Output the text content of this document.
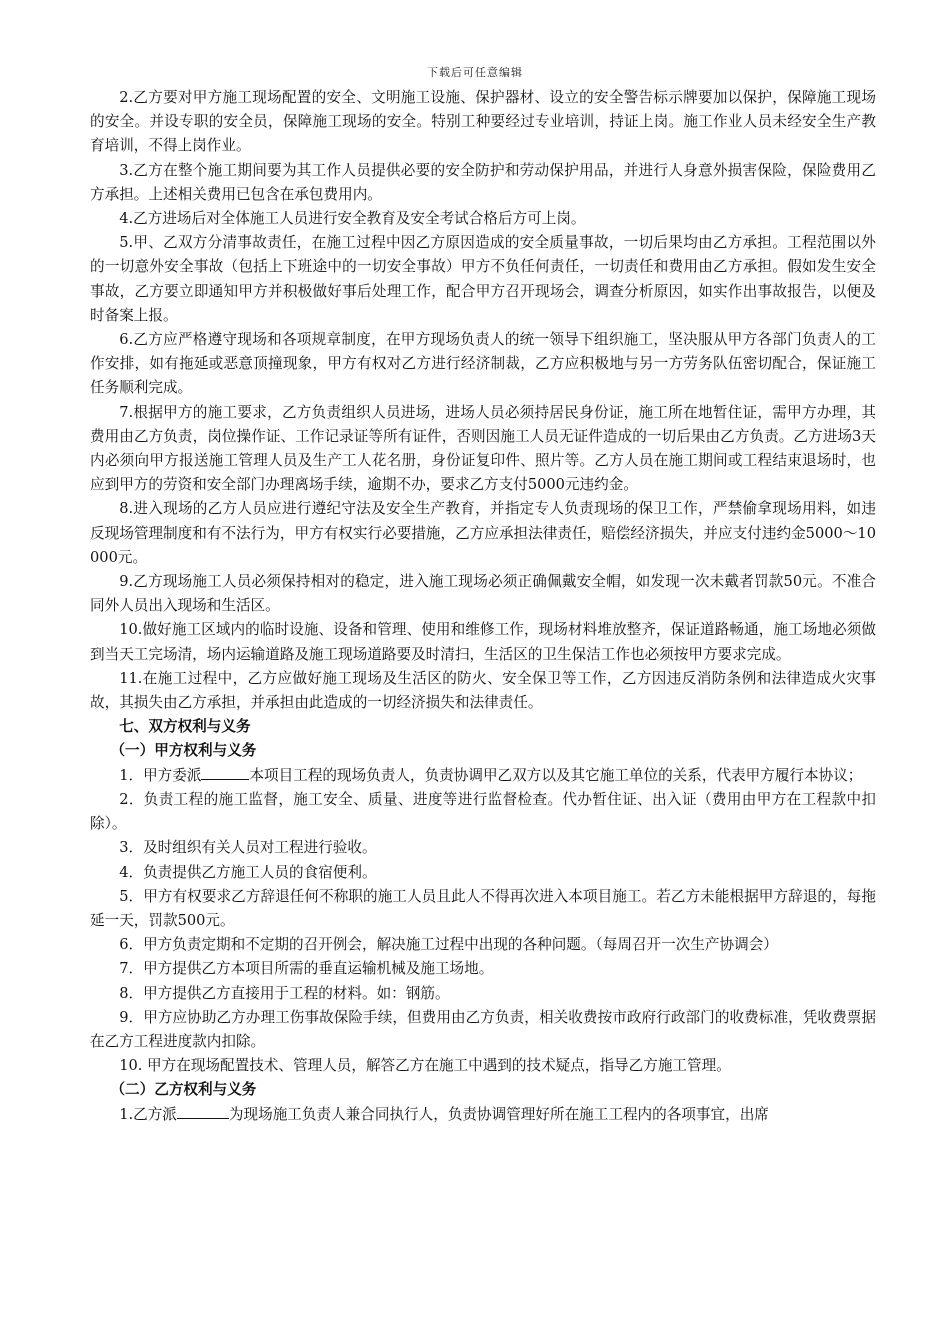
下载后可任意编辑

2.乙方要对甲方施工现场配置的安全、文明施工设施、保护器材、设立的安全警告标示牌要加以保护，保障施工现场的安全。并设专职的安全员，保障施工现场的安全。特别工种要经过专业培训，持证上岗。施工作业人员未经安全生产教育培训，不得上岗作业。

3.乙方在整个施工期间要为其工作人员提供必要的安全防护和劳动保护用品，并进行人身意外损害保险，保险费用乙方承担。上述相关费用已包含在承包费用内。

4.乙方进场后对全体施工人员进行安全教育及安全考试合格后方可上岗。

5.甲、乙双方分清事故责任，在施工过程中因乙方原因造成的安全质量事故，一切后果均由乙方承担。工程范围以外的一切意外安全事故（包括上下班途中的一切安全事故）甲方不负任何责任，一切责任和费用由乙方承担。假如发生安全事故，乙方要立即通知甲方并积极做好事后处理工作，配合甲方召开现场会，调查分析原因，如实作出事故报告，以便及时备案上报。

6.乙方应严格遵守现场和各项规章制度，在甲方现场负责人的统一领导下组织施工，坚决服从甲方各部门负责人的工作安排，如有拖延或恶意顶撞现象，甲方有权对乙方进行经济制裁，乙方应积极地与另一方劳务队伍密切配合，保证施工任务顺利完成。

7.根据甲方的施工要求，乙方负责组织人员进场，进场人员必须持居民身份证，施工所在地暂住证，需甲方办理，其费用由乙方负责，岗位操作证、工作记录证等所有证件，否则因施工人员无证件造成的一切后果由乙方负责。乙方进场3天内必须向甲方报送施工管理人员及生产工人花名册，身份证复印件、照片等。乙方人员在施工期间或工程结束退场时，也应到甲方的劳资和安全部门办理离场手续，逾期不办，要求乙方支付5000元违约金。

8.进入现场的乙方人员应进行遵纪守法及安全生产教育，并指定专人负责现场的保卫工作，严禁偷拿现场用料，如违反现场管理制度和有不法行为，甲方有权实行必要措施，乙方应承担法律责任，赔偿经济损失，并应支付违约金5000～10000元。

9.乙方现场施工人员必须保持相对的稳定，进入施工现场必须正确佩戴安全帽，如发现一次未戴者罚款50元。不准合同外人员出入现场和生活区。

10.做好施工区域内的临时设施、设备和管理、使用和维修工作，现场材料堆放整齐，保证道路畅通，施工场地必须做到当天工完场清，场内运输道路及施工现场道路要及时清扫，生活区的卫生保洁工作也必须按甲方要求完成。

11.在施工过程中，乙方应做好施工现场及生活区的防火、安全保卫等工作，乙方因违反消防条例和法律造成火灾事故，其损失由乙方承担，并承担由此造成的一切经济损失和法律责任。

七、双方权利与义务

（一）甲方权利与义务

1．甲方委派	本项目工程的现场负责人，负责协调甲乙双方以及其它施工单位的关系，代表甲方履行本协议；

2．负责工程的施工监督，施工安全、质量、进度等进行监督检查。代办暂住证、出入证（费用由甲方在工程款中扣除）。

3．及时组织有关人员对工程进行验收。

4．负责提供乙方施工人员的食宿便利。

5．甲方有权要求乙方辞退任何不称职的施工人员且此人不得再次进入本项目施工。若乙方未能根据甲方辞退的，每拖延一天，罚款500元。

6．甲方负责定期和不定期的召开例会，解决施工过程中出现的各种问题。（每周召开一次生产协调会）

7．甲方提供乙方本项目所需的垂直运输机械及施工场地。

8．甲方提供乙方直接用于工程的材料。如：钢筋。

9．甲方应协助乙方办理工伤事故保险手续，但费用由乙方负责，相关收费按市政府行政部门的收费标准，凭收费票据在乙方工程进度款内扣除。

10. 甲方在现场配置技术、管理人员，解答乙方在施工中遇到的技术疑点，指导乙方施工管理。

（二）乙方权利与义务

1.乙方派	为现场施工负责人兼合同执行人，负责协调管理好所在施工工程内的各项事宜，出席
